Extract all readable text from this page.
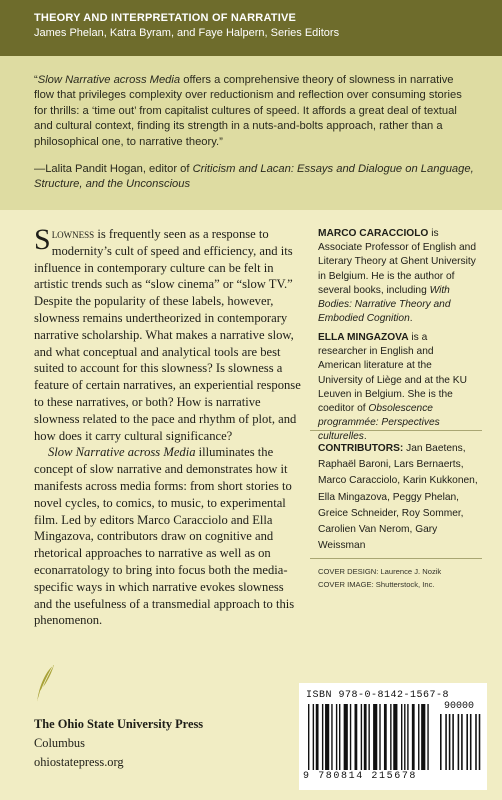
THEORY AND INTERPRETATION OF NARRATIVE
James Phelan, Katra Byram, and Faye Halpern, Series Editors
“Slow Narrative across Media offers a comprehensive theory of slowness in narrative flow that privileges complexity over reductionism and reflection over consuming stories for thrills: a ‘time out’ from capitalist cultures of speed. It affords a great deal of textual and cultural context, finding its strength in a nuts-and-bolts approach, rather than a philosophical one, to narrative theory.”
—Lalita Pandit Hogan, editor of Criticism and Lacan: Essays and Dialogue on Language, Structure, and the Unconscious

Slowness is frequently seen as a response to modernity’s cult of speed and efficiency, and its influence in contemporary culture can be felt in artistic trends such as “slow cinema” or “slow TV.” Despite the popularity of these labels, however, slowness remains undertheorized in contemporary narrative scholarship. What makes a narrative slow, and what conceptual and analytical tools are best suited to account for this slowness? Is slowness a feature of certain narratives, an experiential response to these narratives, or both? How is narrative slowness related to the pace and rhythm of plot, and how does it carry cultural significance?

Slow Narrative across Media illuminates the concept of slow narrative and demonstrates how it manifests across media forms: from short stories to novel cycles, to comics, to music, to experimental film. Led by editors Marco Caracciolo and Ella Mingazova, contributors draw on cognitive and rhetorical approaches to narrative as well as on econarratology to bring into focus both the media-specific ways in which narrative evokes slowness and the usefulness of a transmedial approach to this phenomenon.

MARCO CARACCIOLO is Associate Professor of English and Literary Theory at Ghent University in Belgium. He is the author of several books, including With Bodies: Narrative Theory and Embodied Cognition.
ELLA MINGAZOVA is a researcher in English and American literature at the University of Liège and at the KU Leuven in Belgium. She is the coeditor of Obsolescence programmée: Perspectives culturelles.
CONTRIBUTORS: Jan Baetens, Raphaël Baroni, Lars Bernaerts, Marco Caracciolo, Karin Kukkonen, Ella Mingazova, Peggy Phelan, Greice Schneider, Roy Sommer, Carolien Van Nerom, Gary Weissman
COVER DESIGN: Laurence J. Nozik
COVER IMAGE: Shutterstock, Inc.
The Ohio State University Press
Columbus
ohiostatepress.org
ISBN 978-0-8142-1567-8
90000
9 780814 215678
